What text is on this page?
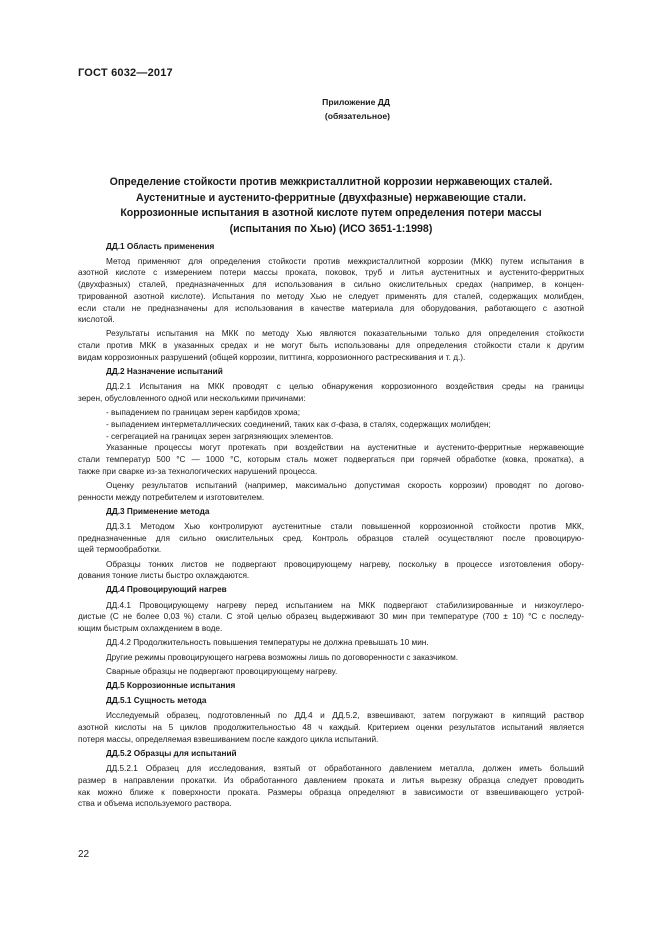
ГОСТ 6032—2017
Приложение ДД
(обязательное)
Определение стойкости против межкристаллитной коррозии нержавеющих сталей.
Аустенитные и аустенито-ферритные (двухфазные) нержавеющие стали.
Коррозионные испытания в азотной кислоте путем определения потери массы
(испытания по Хью) (ИСО 3651-1:1998)
ДД.1 Область применения
Метод применяют для определения стойкости против межкристаллитной коррозии (МКК) путем испытания в
азотной кислоте с измерением потери массы проката, поковок, труб и литья аустенитных и аустенито-ферритных
(двухфазных) сталей, предназначенных для использования в сильно окислительных средах (например, в концен-
трированной азотной кислоте). Испытания по методу Хью не следует применять для сталей, содержащих молибден,
если стали не предназначены для использования в качестве материала для оборудования, работающего с азотной
кислотой.
Результаты испытания на МКК по методу Хью являются показательными только для определения стойкости
стали против МКК в указанных средах и не могут быть использованы для определения стойкости стали к другим
видам коррозионных разрушений (общей коррозии, питтинга, коррозионного растрескивания и т. д.).
ДД.2 Назначение испытаний
ДД.2.1 Испытания на МКК проводят с целью обнаружения коррозионного воздействия среды на границы
зерен, обусловленного одной или несколькими причинами:
- выпадением по границам зерен карбидов хрома;
- выпадением интерметаллических соединений, таких как σ-фаза, в сталях, содержащих молибден;
- сегрегацией на границах зерен загрязняющих элементов.
Указанные процессы могут протекать при воздействии на аустенитные и аустенито-ферритные нержавеющие
стали температур 500 °С — 1000 °С, которым сталь может подвергаться при горячей обработке (ковка, прокатка), а
также при сварке из-за технологических нарушений процесса.
Оценку результатов испытаний (например, максимально допустимая скорость коррозии) проводят по догово-
ренности между потребителем и изготовителем.
ДД.3 Применение метода
ДД.3.1 Методом Хью контролируют аустенитные стали повышенной коррозионной стойкости против МКК,
предназначенные для сильно окислительных сред. Контроль образцов сталей осуществляют после провоцирую-
щей термообработки.
Образцы тонких листов не подвергают провоцирующему нагреву, поскольку в процессе изготовления обору-
дования тонкие листы быстро охлаждаются.
ДД.4 Провоцирующий нагрев
ДД.4.1 Провоцирующему нагреву перед испытанием на МКК подвергают стабилизированные и низкоуглеро-
дистые (С не более 0,03 %) стали. С этой целью образец выдерживают 30 мин при температуре (700 ± 10) °С с последу-
ющим быстрым охлаждением в воде.
ДД.4.2 Продолжительность повышения температуры не должна превышать 10 мин.
Другие режимы провоцирующего нагрева возможны лишь по договоренности с заказчиком.
Сварные образцы не подвергают провоцирующему нагреву.
ДД.5 Коррозионные испытания
ДД.5.1 Сущность метода
Исследуемый образец, подготовленный по ДД.4 и ДД.5.2, взвешивают, затем погружают в кипящий раствор
азотной кислоты на 5 циклов продолжительностью 48 ч каждый. Критерием оценки результатов испытаний является
потеря массы, определяемая взвешиванием после каждого цикла испытаний.
ДД.5.2 Образцы для испытаний
ДД.5.2.1 Образец для исследования, взятый от обработанного давлением металла, должен иметь больший
размер в направлении прокатки. Из обработанного давлением проката и литья вырезку образца следует проводить
как можно ближе к поверхности проката. Размеры образца определяют в зависимости от взвешивающего устрой-
ства и объема используемого раствора.
22
